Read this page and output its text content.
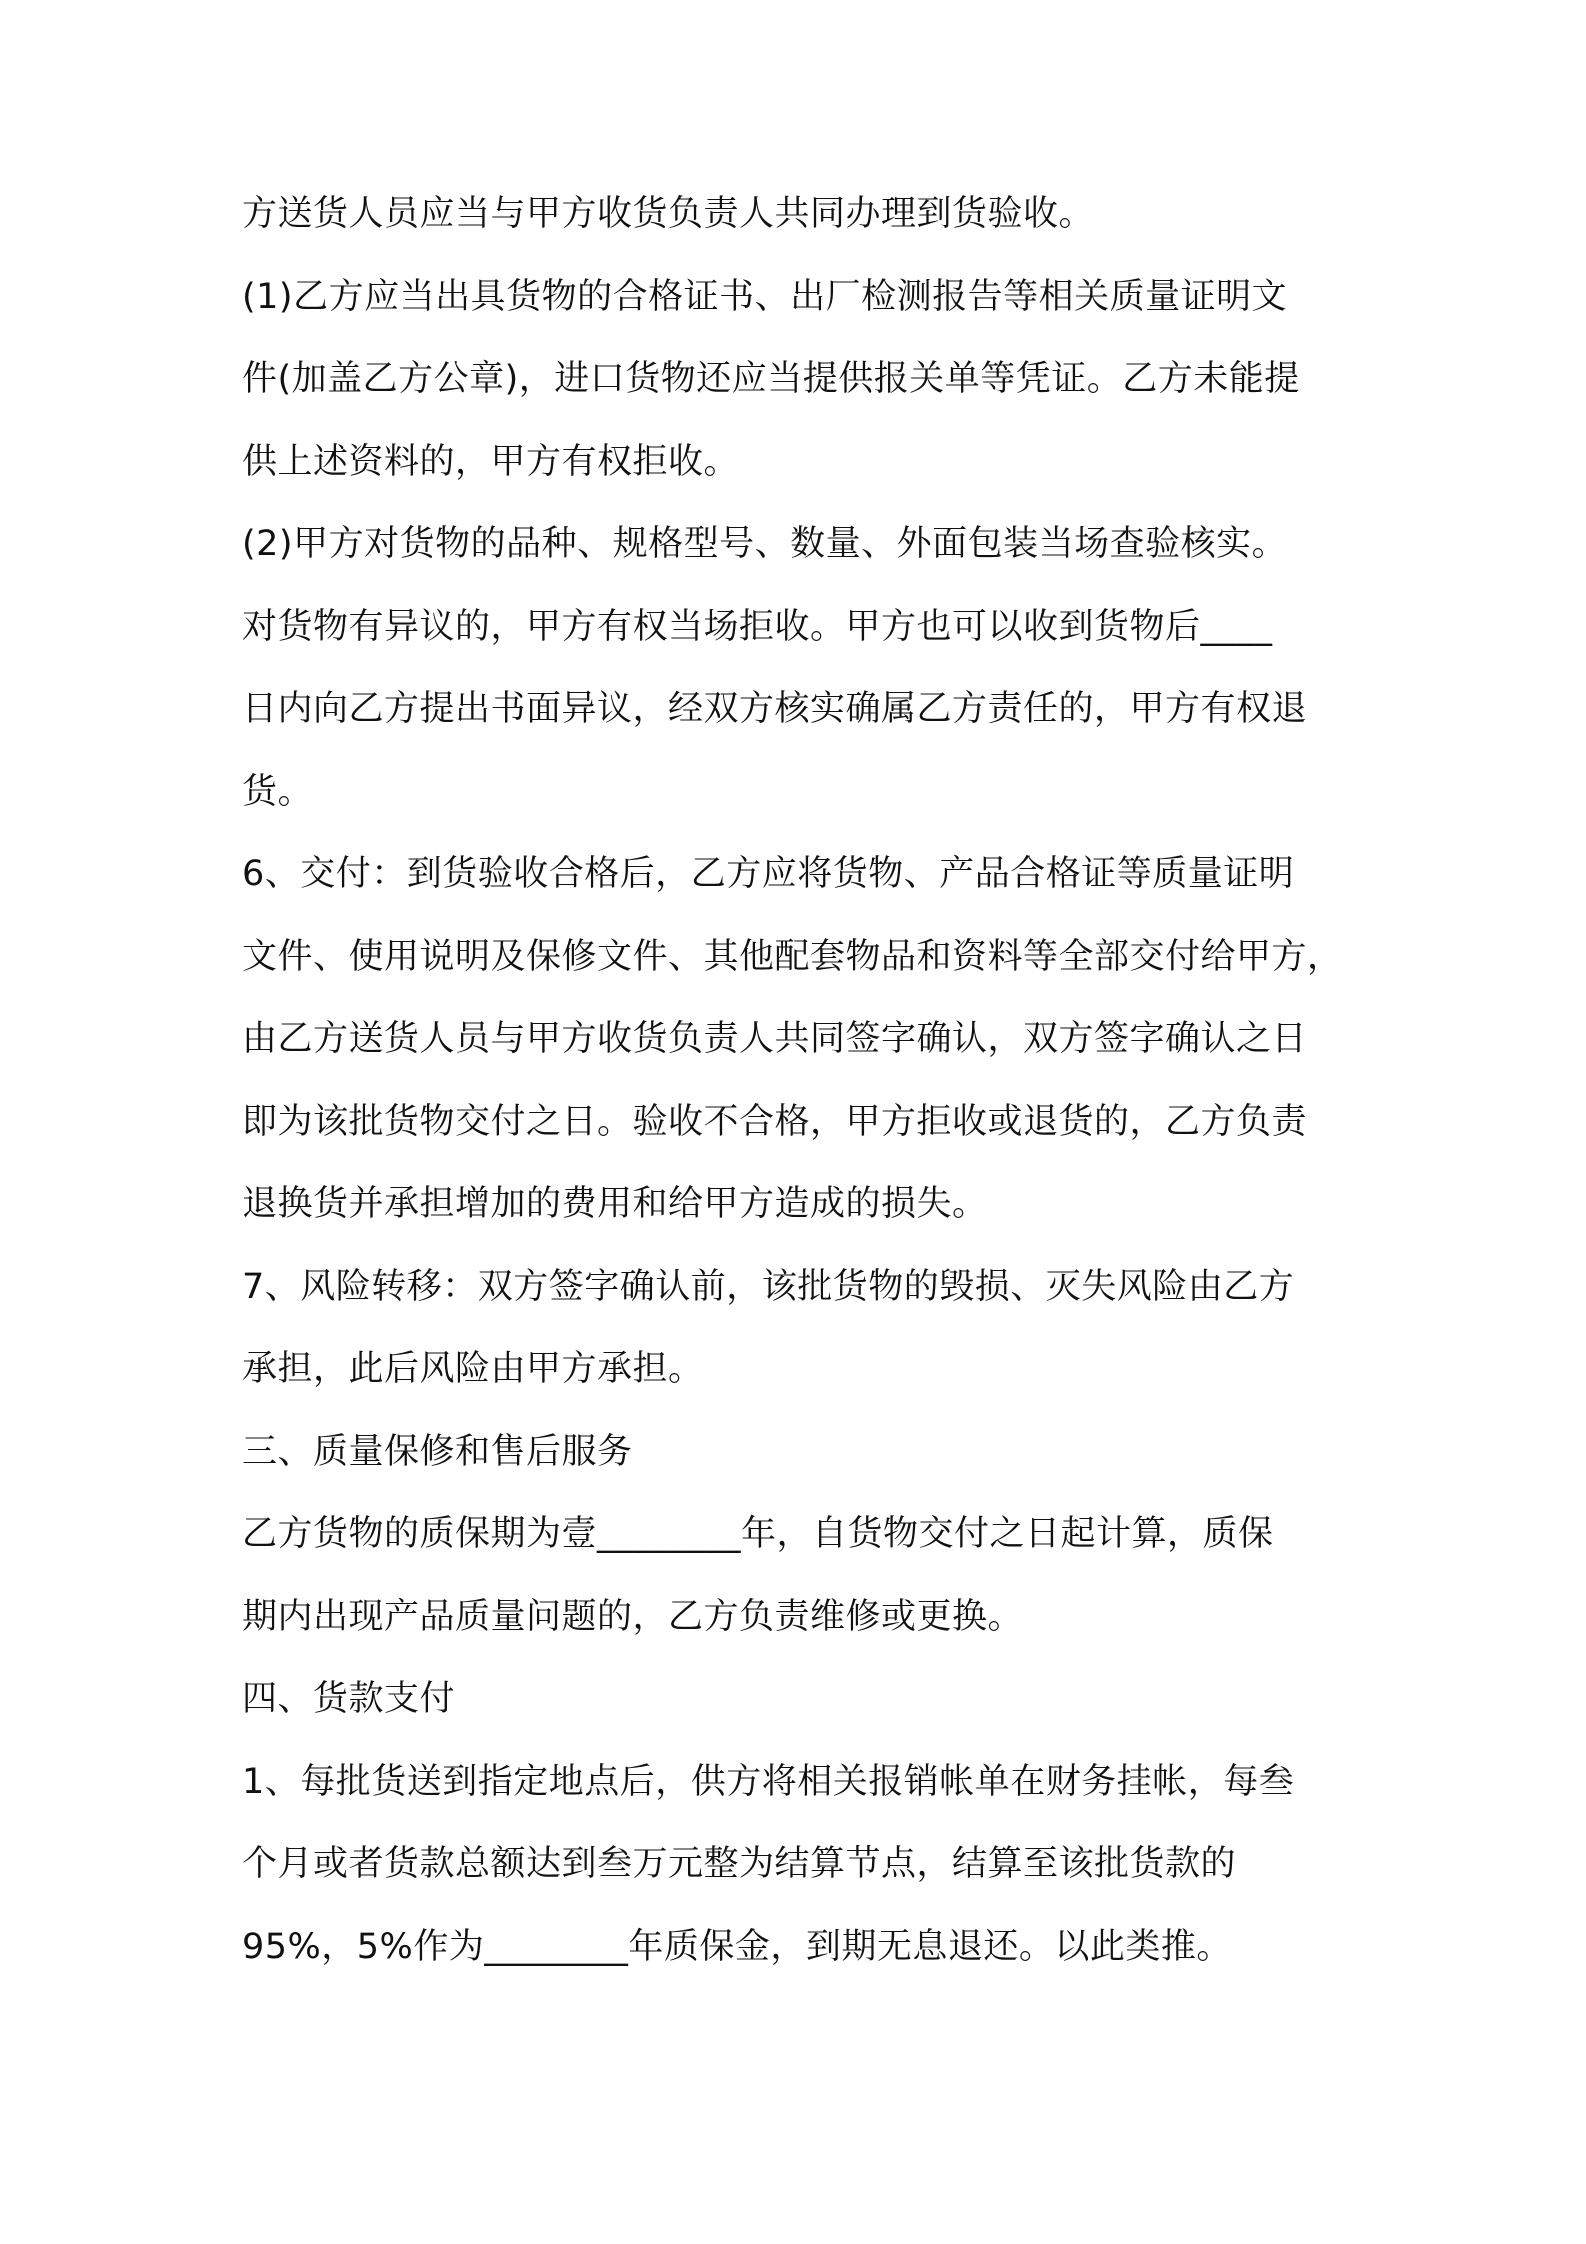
方送货人员应当与甲方收货负责人共同办理到货验收。
(1)乙方应当出具货物的合格证书、出厂检测报告等相关质量证明文
件(加盖乙方公章)，进口货物还应当提供报关单等凭证。乙方未能提
供上述资料的，甲方有权拒收。
(2)甲方对货物的品种、规格型号、数量、外面包装当场查验核实。
对货物有异议的，甲方有权当场拒收。甲方也可以收到货物后____
日内向乙方提出书面异议，经双方核实确属乙方责任的，甲方有权退
货。
6、交付：到货验收合格后，乙方应将货物、产品合格证等质量证明
文件、使用说明及保修文件、其他配套物品和资料等全部交付给甲方，
由乙方送货人员与甲方收货负责人共同签字确认，双方签字确认之日
即为该批货物交付之日。验收不合格，甲方拒收或退货的，乙方负责
退换货并承担增加的费用和给甲方造成的损失。
7、风险转移：双方签字确认前，该批货物的毁损、灭失风险由乙方
承担，此后风险由甲方承担。
三、质量保修和售后服务
乙方货物的质保期为壹________年，自货物交付之日起计算，质保
期内出现产品质量问题的，乙方负责维修或更换。
四、货款支付
1、每批货送到指定地点后，供方将相关报销帐单在财务挂帐，每叁
个月或者货款总额达到叁万元整为结算节点，结算至该批货款的
95%，5%作为________年质保金，到期无息退还。以此类推。
